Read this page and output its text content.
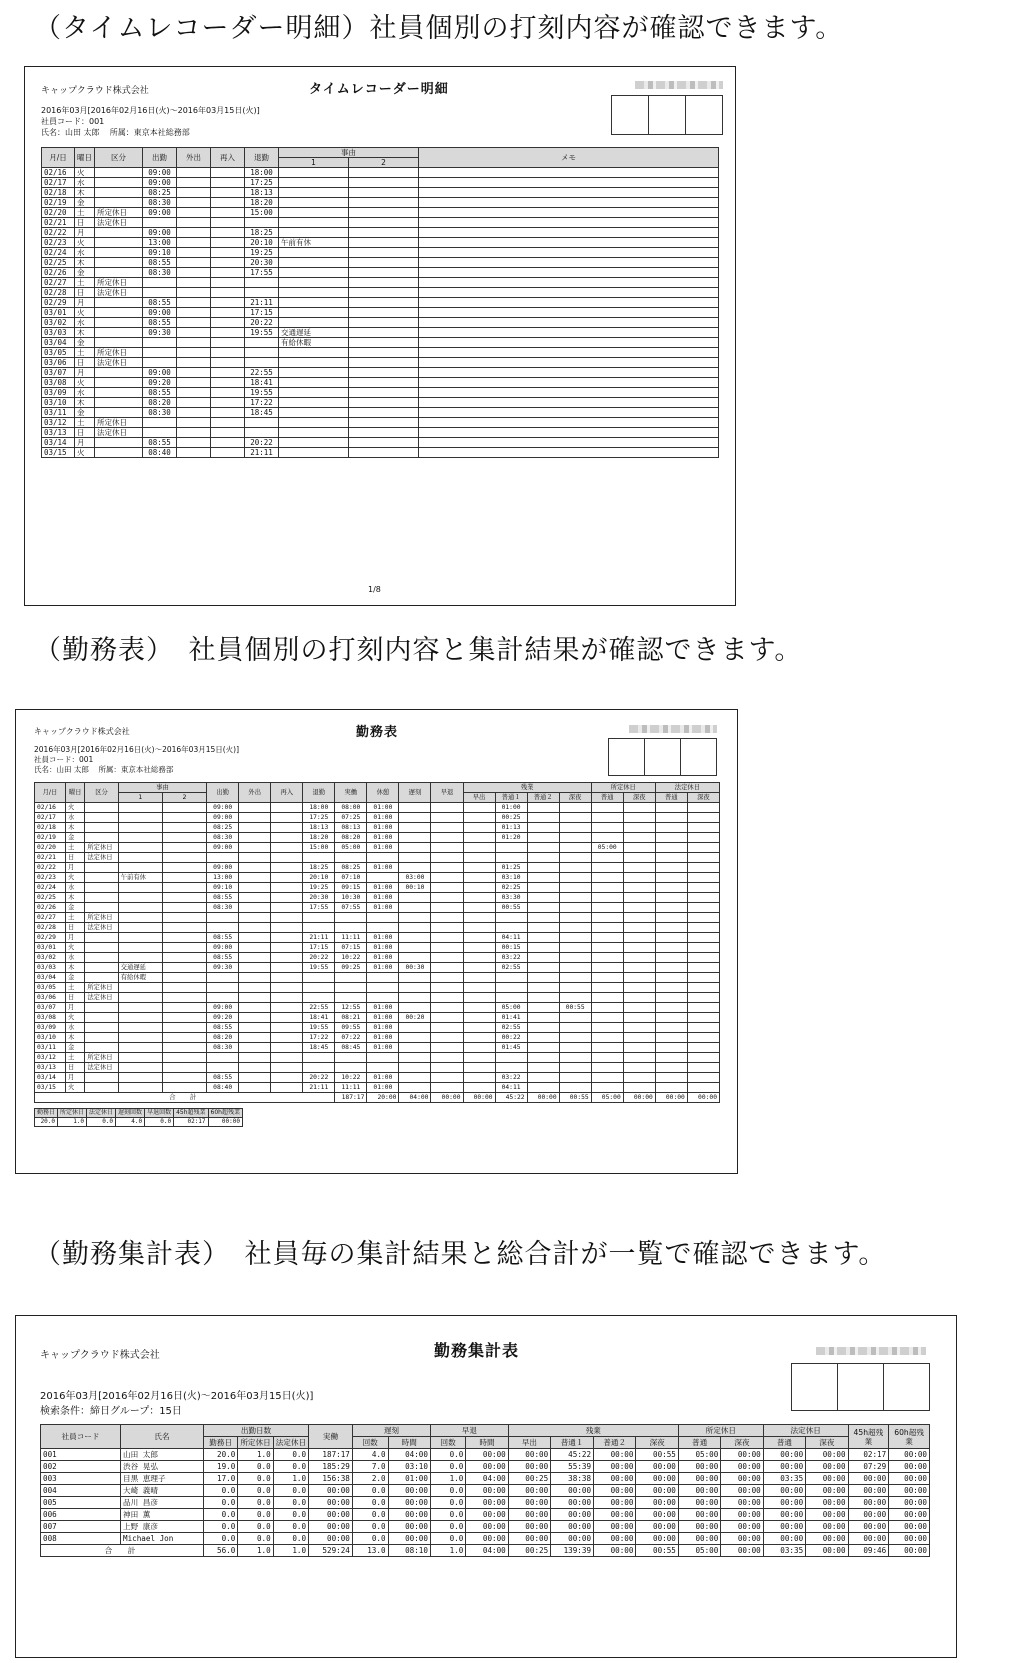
（タイムレコーダー明細）社員個別の打刻内容が確認できます。
キャップクラウド株式会社	タイムレコーダー明細
2016年03月[2016年02月16日(火)～2016年03月15日(火)]
社員コード：001
氏名：山田 太郎 所属：東京本社総務部
月/日	曜日	区分	出勤	外出	再入	退勤	事由		メモ
							1	2	
02/16	火		09:00			18:00			
02/17	水		09:00			17:25			
02/18	木		08:25			18:13			
02/19	金		08:30			18:20			
02/20	土	所定休日	09:00			15:00			
02/21	日	法定休日							
02/22	月		09:00			18:25			
02/23	火		13:00			20:10	午前有休		
02/24	水		09:10			19:25			
02/25	木		08:55			20:30			
02/26	金		08:30			17:55			
02/27	土	所定休日							
02/28	日	法定休日							
02/29	月		08:55			21:11			
03/01	火		09:00			17:15			
03/02	水		08:55			20:22			
03/03	木		09:30			19:55	交通遅延		
03/04	金						有給休暇		
03/05	土	所定休日							
03/06	日	法定休日							
03/07	月		09:00			22:55			
03/08	火		09:20			18:41			
03/09	水		08:55			19:55			
03/10	木		08:20			17:22			
03/11	金		08:30			18:45			
03/12	土	所定休日							
03/13	日	法定休日							
03/14	月		08:55			20:22			
03/15	火		08:40			21:11			
1/8
（勤務表）　社員個別の打刻内容と集計結果が確認できます。
キャップクラウド株式会社	勤務表
2016年03月[2016年02月16日(火)～2016年03月15日(火)]
社員コード：001
氏名：山田 太郎 所属：東京本社総務部
月/日	曜日	区分	事由		出勤	外出	再入	退勤	実働	休憩	遅刻	早退	残業				所定休日		法定休日	
			1	2									早出	普通１	普通２	深夜	普通	深夜	普通	深夜
02/16	火				09:00			18:00	08:00	01:00				01:00						
02/17	水				09:00			17:25	07:25	01:00				00:25						
02/18	木				08:25			18:13	08:13	01:00				01:13						
02/19	金				08:30			18:20	08:20	01:00				01:20						
02/20	土	所定休日			09:00			15:00	05:00	01:00							05:00			
02/21	日	法定休日																		
02/22	月				09:00			18:25	08:25	01:00				01:25						
02/23	火		午前有休		13:00			20:10	07:10		03:00			03:10						
02/24	水				09:10			19:25	09:15	01:00	00:10			02:25						
02/25	木				08:55			20:30	10:30	01:00				03:30						
02/26	金				08:30			17:55	07:55	01:00				00:55						
02/27	土	所定休日																		
02/28	日	法定休日																		
02/29	月				08:55			21:11	11:11	01:00				04:11						
03/01	火				09:00			17:15	07:15	01:00				00:15						
03/02	水				08:55			20:22	10:22	01:00				03:22						
03/03	木		交通遅延		09:30			19:55	09:25	01:00	00:30			02:55						
03/04	金		有給休暇																	
03/05	土	所定休日																		
03/06	日	法定休日																		
03/07	月				09:00			22:55	12:55	01:00				05:00		00:55				
03/08	火				09:20			18:41	08:21	01:00	00:20			01:41						
03/09	水				08:55			19:55	09:55	01:00				02:55						
03/10	木				08:20			17:22	07:22	01:00				00:22						
03/11	金				08:30			18:45	08:45	01:00				01:45						
03/12	土	所定休日																		
03/13	日	法定休日																		
03/14	月				08:55			20:22	10:22	01:00				03:22						
03/15	火				08:40			21:11	11:11	01:00				04:11						
合　計									187:17	20:00	04:00	00:00	00:00	45:22	00:00	00:55	05:00	00:00	00:00	00:00
勤務日	所定休日	法定休日	遅刻回数	早退回数	45h超残業	60h超残業
20.0	1.0	0.0	4.0	0.0	02:17	00:00
（勤務集計表）　社員毎の集計結果と総合計が一覧で確認できます。
キャップクラウド株式会社	勤務集計表
2016年03月[2016年02月16日(火)～2016年03月15日(火)]
検索条件：締日グループ：15日
社員コード	氏名	出勤日数			実働	遅刻		早退		残業				所定休日		法定休日		45h超残業	60h超残業
		勤務日	所定休日	法定休日		回数	時間	回数	時間	早出	普通１	普通２	深夜	普通	深夜	普通	深夜		
001	山田 太郎	20.0	1.0	0.0	187:17	4.0	04:00	0.0	00:00	00:00	45:22	00:00	00:55	05:00	00:00	00:00	00:00	02:17	00:00
002	渋谷 晃弘	19.0	0.0	0.0	185:29	7.0	03:10	0.0	00:00	00:00	55:39	00:00	00:00	00:00	00:00	00:00	00:00	07:29	00:00
003	目黒 恵理子	17.0	0.0	1.0	156:38	2.0	01:00	1.0	04:00	00:25	38:38	00:00	00:00	00:00	00:00	03:35	00:00	00:00	00:00
004	大崎 義晴	0.0	0.0	0.0	00:00	0.0	00:00	0.0	00:00	00:00	00:00	00:00	00:00	00:00	00:00	00:00	00:00	00:00	00:00
005	品川 昌彦	0.0	0.0	0.0	00:00	0.0	00:00	0.0	00:00	00:00	00:00	00:00	00:00	00:00	00:00	00:00	00:00	00:00	00:00
006	神田 薫	0.0	0.0	0.0	00:00	0.0	00:00	0.0	00:00	00:00	00:00	00:00	00:00	00:00	00:00	00:00	00:00	00:00	00:00
007	上野 康彦	0.0	0.0	0.0	00:00	0.0	00:00	0.0	00:00	00:00	00:00	00:00	00:00	00:00	00:00	00:00	00:00	00:00	00:00
008	Michael Jon	0.0	0.0	0.0	00:00	0.0	00:00	0.0	00:00	00:00	00:00	00:00	00:00	00:00	00:00	00:00	00:00	00:00	00:00
合　計		56.0	1.0	1.0	529:24	13.0	08:10	1.0	04:00	00:25	139:39	00:00	00:55	05:00	00:00	03:35	00:00	09:46	00:00
